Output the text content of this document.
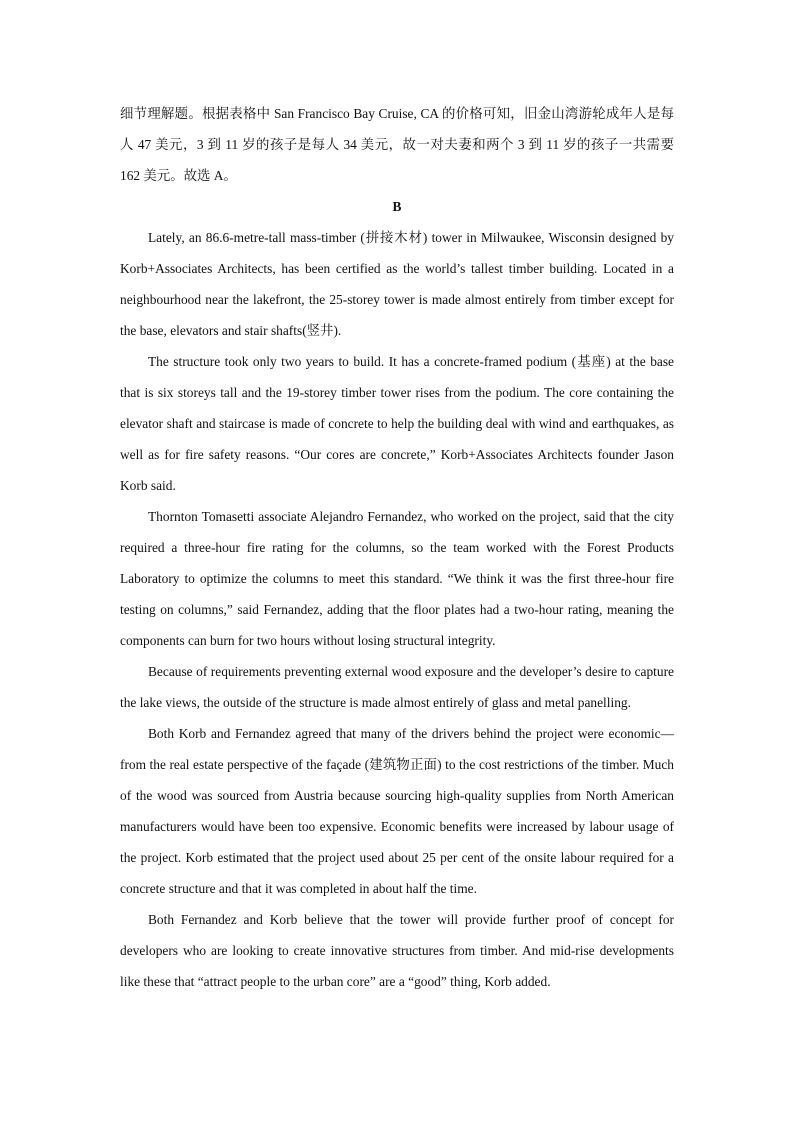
细节理解题。根据表格中 San Francisco Bay Cruise, CA 的价格可知，旧金山湾游轮成年人是每人 47 美元，3 到 11 岁的孩子是每人 34 美元，故一对夫妻和两个 3 到 11 岁的孩子一共需要 162 美元。故选 A。

B

Lately, an 86.6-metre-tall mass-timber (拼接木材) tower in Milwaukee, Wisconsin designed by Korb+Associates Architects, has been certified as the world’s tallest timber building. Located in a neighbourhood near the lakefront, the 25-storey tower is made almost entirely from timber except for the base, elevators and stair shafts(竖井).

The structure took only two years to build. It has a concrete-framed podium (基座) at the base that is six storeys tall and the 19-storey timber tower rises from the podium. The core containing the elevator shaft and staircase is made of concrete to help the building deal with wind and earthquakes, as well as for fire safety reasons. “Our cores are concrete,” Korb+Associates Architects founder Jason Korb said.

Thornton Tomasetti associate Alejandro Fernandez, who worked on the project, said that the city required a three-hour fire rating for the columns, so the team worked with the Forest Products Laboratory to optimize the columns to meet this standard. “We think it was the first three-hour fire testing on columns,” said Fernandez, adding that the floor plates had a two-hour rating, meaning the components can burn for two hours without losing structural integrity.

Because of requirements preventing external wood exposure and the developer’s desire to capture the lake views, the outside of the structure is made almost entirely of glass and metal panelling.

Both Korb and Fernandez agreed that many of the drivers behind the project were economic—from the real estate perspective of the façade (建筑物正面) to the cost restrictions of the timber. Much of the wood was sourced from Austria because sourcing high-quality supplies from North American manufacturers would have been too expensive. Economic benefits were increased by labour usage of the project. Korb estimated that the project used about 25 per cent of the onsite labour required for a concrete structure and that it was completed in about half the time.

Both Fernandez and Korb believe that the tower will provide further proof of concept for developers who are looking to create innovative structures from timber. And mid-rise developments like these that “attract people to the urban core” are a “good” thing, Korb added.
